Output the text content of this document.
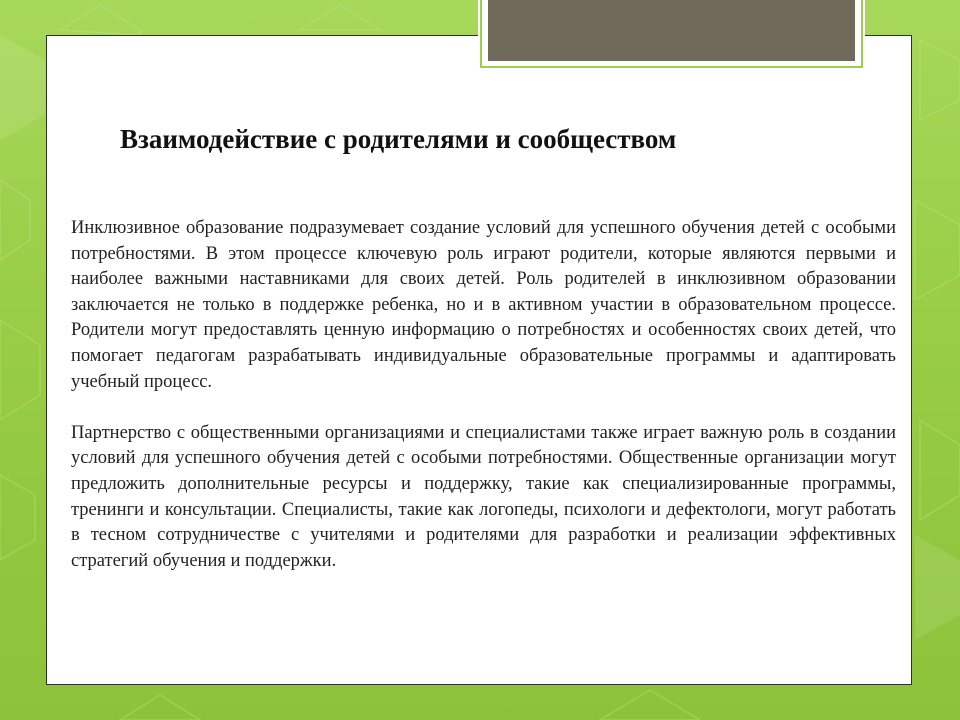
Взаимодействие с родителями и сообществом

Инклюзивное образование подразумевает создание условий для успешного обучения детей с особыми потребностями. В этом процессе ключевую роль играют родители, которые являются первыми и наиболее важными наставниками для своих детей. Роль родителей в инклюзивном образовании заключается не только в поддержке ребенка, но и в активном участии в образовательном процессе. Родители могут предоставлять ценную информацию о потребностях и особенностях своих детей, что помогает педагогам разрабатывать индивидуальные образовательные программы и адаптировать учебный процесс.

Партнерство с общественными организациями и специалистами также играет важную роль в создании условий для успешного обучения детей с особыми потребностями. Общественные организации могут предложить дополнительные ресурсы и поддержку, такие как специализированные программы, тренинги и консультации. Специалисты, такие как логопеды, психологи и дефектологи, могут работать в тесном сотрудничестве с учителями и родителями для разработки и реализации эффективных стратегий обучения и поддержки.
